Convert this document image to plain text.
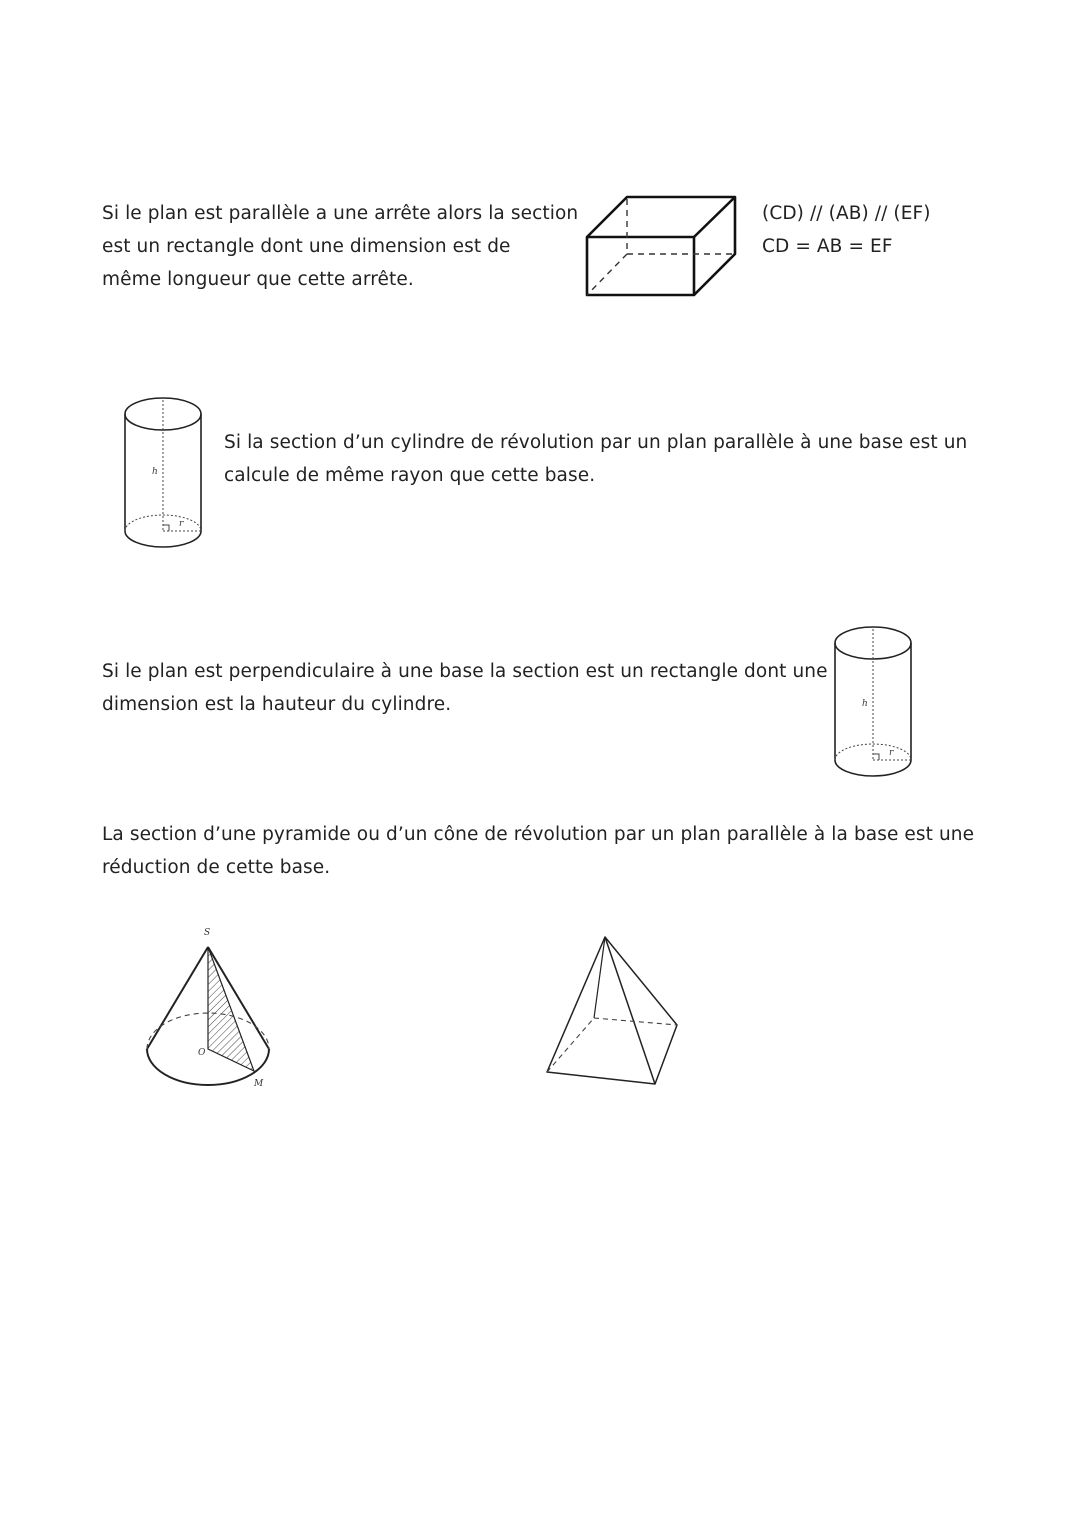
Si le plan est parallèle a une arrête alors la section
est un rectangle dont une dimension est de
même longueur que cette arrête.
(CD) // (AB) // (EF)
CD = AB = EF
h
r
Si la section d’un cylindre de révolution par un plan parallèle à une base est un
calcule de même rayon que cette base.
Si le plan est perpendiculaire à une base la section est un rectangle dont une
dimension est la hauteur du cylindre.	h
r
La section d’une pyramide ou d’un cône de révolution par un plan parallèle à la base est une
réduction de cette base.
S
O
M
